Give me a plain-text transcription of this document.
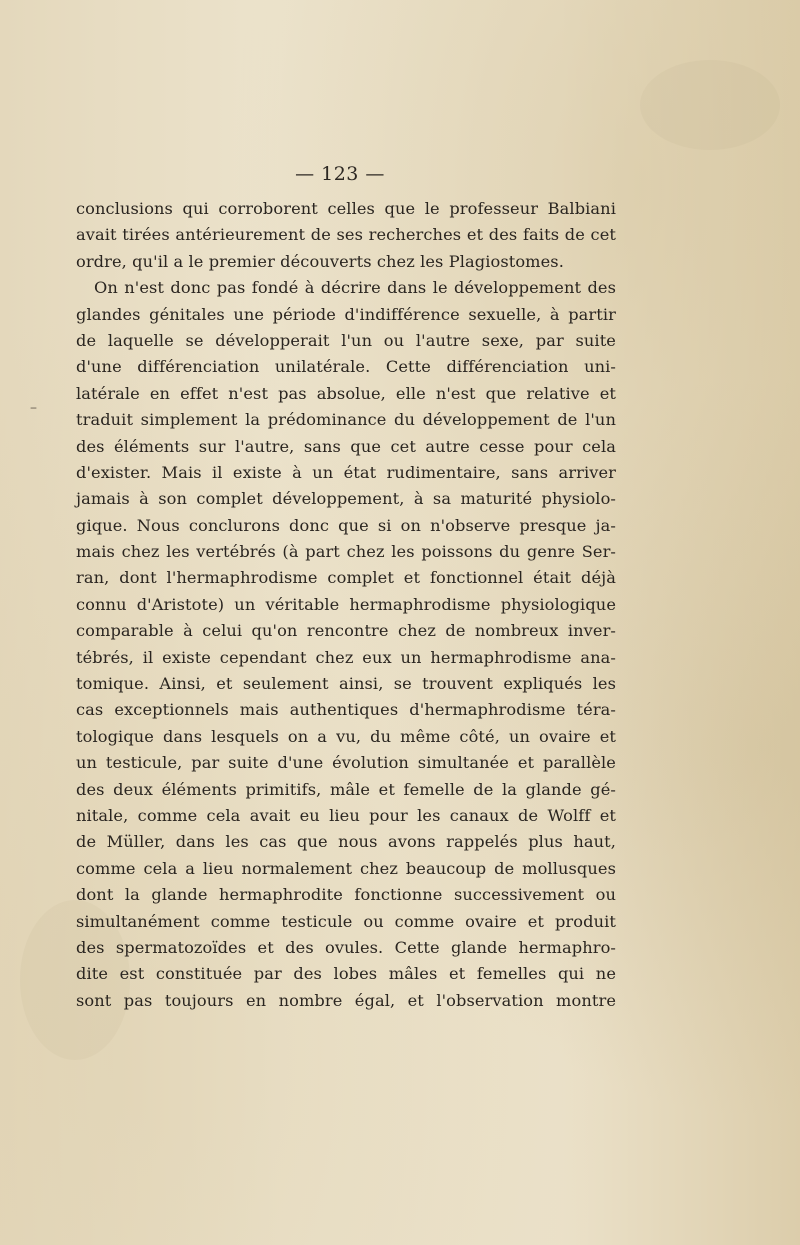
— 123 —
–
conclusions qui corroborent celles que le professeur Balbiani
avait tirées antérieurement de ses recherches et des faits de cet
ordre, qu'il a le premier découverts chez les Plagiostomes.
On n'est donc pas fondé à décrire dans le développement des
glandes génitales une période d'indifférence sexuelle, à partir
de laquelle se développerait l'un ou l'autre sexe, par suite
d'une différenciation unilatérale. Cette différenciation uni-
latérale en effet n'est pas absolue, elle n'est que relative et
traduit simplement la prédominance du développement de l'un
des éléments sur l'autre, sans que cet autre cesse pour cela
d'exister. Mais il existe à un état rudimentaire, sans arriver
jamais à son complet développement, à sa maturité physiolo-
gique. Nous conclurons donc que si on n'observe presque ja-
mais chez les vertébrés (à part chez les poissons du genre Ser-
ran, dont l'hermaphrodisme complet et fonctionnel était déjà
connu d'Aristote) un véritable hermaphrodisme physiologique
comparable à celui qu'on rencontre chez de nombreux inver-
tébrés, il existe cependant chez eux un hermaphrodisme ana-
tomique. Ainsi, et seulement ainsi, se trouvent expliqués les
cas exceptionnels mais authentiques d'hermaphrodisme téra-
tologique dans lesquels on a vu, du même côté, un ovaire et
un testicule, par suite d'une évolution simultanée et parallèle
des deux éléments primitifs, mâle et femelle de la glande gé-
nitale, comme cela avait eu lieu pour les canaux de Wolff et
de Müller, dans les cas que nous avons rappelés plus haut,
comme cela a lieu normalement chez beaucoup de mollusques
dont la glande hermaphrodite fonctionne successivement ou
simultanément comme testicule ou comme ovaire et produit
des spermatozoïdes et des ovules. Cette glande hermaphro-
dite est constituée par des lobes mâles et femelles qui ne
sont pas toujours en nombre égal, et l'observation montre
